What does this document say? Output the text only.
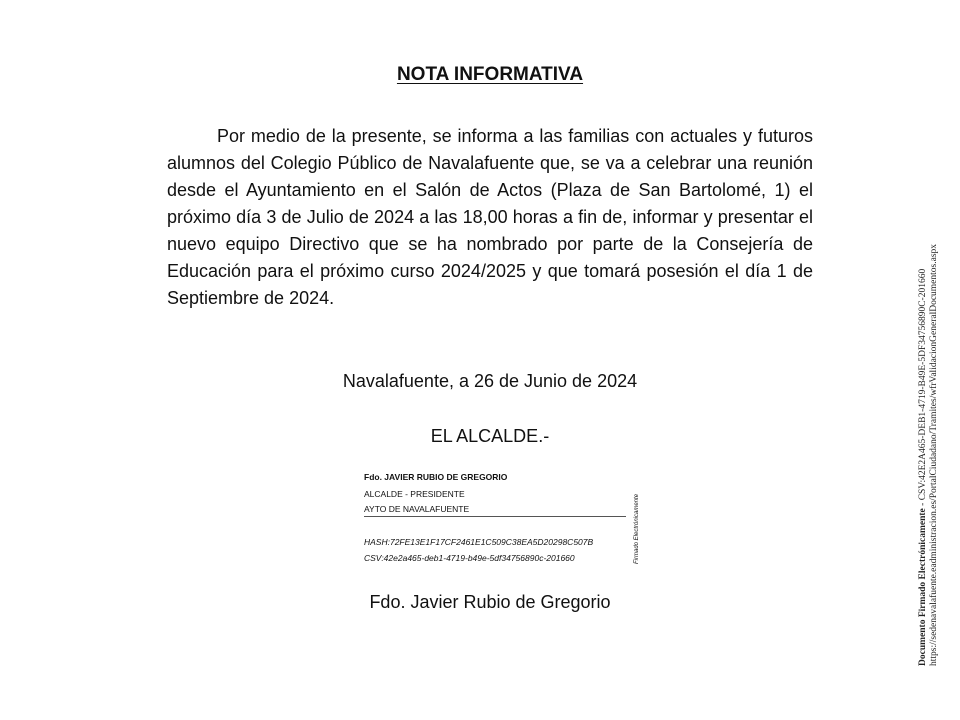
NOTA INFORMATIVA

Por medio de la presente, se informa a las familias con actuales y futuros alumnos del Colegio Público de Navalafuente que, se va a celebrar una reunión desde el Ayuntamiento en el Salón de Actos (Plaza de San Bartolomé, 1) el próximo día 3 de Julio de 2024 a las 18,00 horas a fin de, informar y presentar el nuevo equipo Directivo que se ha nombrado por parte de la Consejería de Educación para el próximo curso 2024/2025 y que tomará posesión el día 1 de Septiembre de 2024.

Navalafuente, a 26 de Junio de 2024
EL ALCALDE.-
Fdo. JAVIER RUBIO DE GREGORIO
ALCALDE - PRESIDENTE
AYTO DE NAVALAFUENTE
HASH:72FE13E1F17CF2461E1C509C38EA5D20298C507B
CSV:42e2a465-deb1-4719-b49e-5df34756890c-201660	Firmado Electrónicamente
Fdo. Javier Rubio de Gregorio	Documento Firmado Electrónicamente - CSV:42E2A465-DEB1-4719-B49E-5DF34756890C-201660 https://sedenavalafuente.eadministracion.es/PortalCiudadano/Tramites/wfrValidacionGeneralDocumentos.aspx
